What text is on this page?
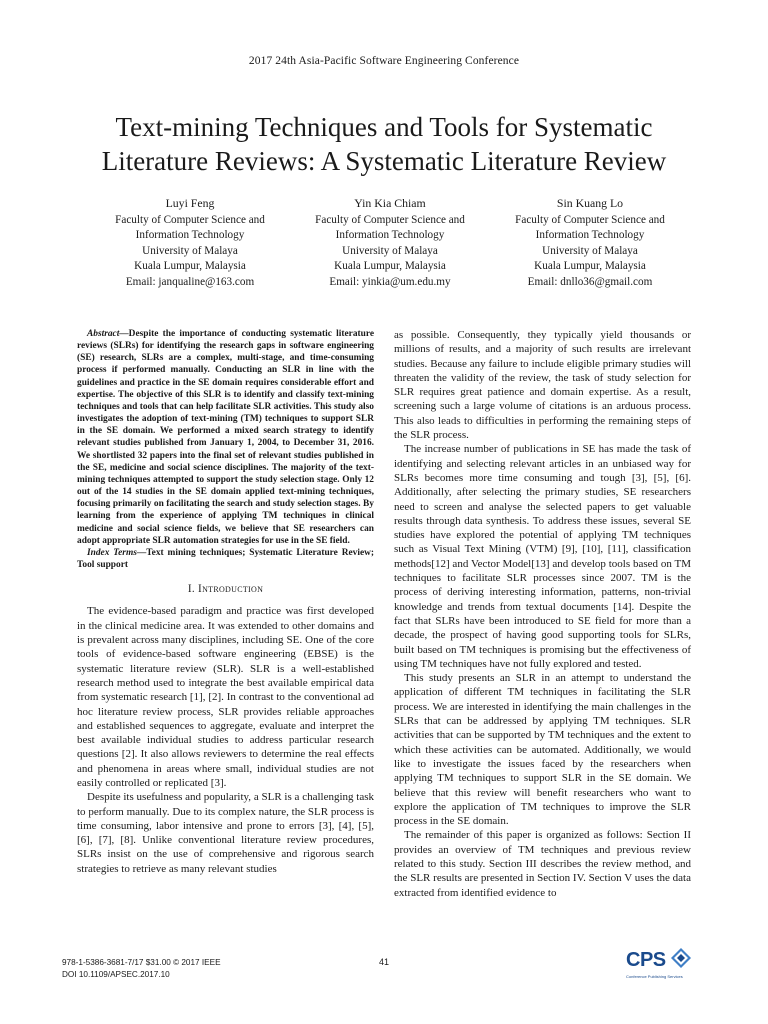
2017 24th Asia-Pacific Software Engineering Conference
Text-mining Techniques and Tools for Systematic
Literature Reviews: A Systematic Literature Review
Luyi Feng
Faculty of Computer Science and
Information Technology
University of Malaya
Kuala Lumpur, Malaysia
Email: janqualine@163.com
Yin Kia Chiam
Faculty of Computer Science and
Information Technology
University of Malaya
Kuala Lumpur, Malaysia
Email: yinkia@um.edu.my
Sin Kuang Lo
Faculty of Computer Science and
Information Technology
University of Malaya
Kuala Lumpur, Malaysia
Email: dnllo36@gmail.com

Abstract—Despite the importance of conducting systematic literature reviews (SLRs) for identifying the research gaps in software engineering (SE) research, SLRs are a complex, multi-stage, and time-consuming process if performed manually. Conducting an SLR in line with the guidelines and practice in the SE domain requires considerable effort and expertise. The objective of this SLR is to identify and classify text-mining techniques and tools that can help facilitate SLR activities. This study also investigates the adoption of text-mining (TM) techniques to support SLR in the SE domain. We performed a mixed search strategy to identify relevant studies published from January 1, 2004, to December 31, 2016. We shortlisted 32 papers into the final set of relevant studies published in the SE, medicine and social science disciplines. The majority of the text-mining techniques attempted to support the study selection stage. Only 12 out of the 14 studies in the SE domain applied text-mining techniques, focusing primarily on facilitating the search and study selection stages. By learning from the experience of applying TM techniques in clinical medicine and social science fields, we believe that SE researchers can adopt appropriate SLR automation strategies for use in the SE field.

Index Terms—Text mining techniques; Systematic Literature Review; Tool support

I. Introduction

The evidence-based paradigm and practice was first developed in the clinical medicine area. It was extended to other domains and is prevalent across many disciplines, including SE. One of the core tools of evidence-based software engineering (EBSE) is the systematic literature review (SLR). SLR is a well-established research method used to integrate the best available empirical data from systematic research [1], [2]. In contrast to the conventional ad hoc literature review process, SLR provides reliable approaches and established sequences to aggregate, evaluate and interpret the best available individual studies to address particular research questions [2]. It also allows reviewers to determine the real effects and phenomena in areas where small, individual studies are not easily controlled or replicated [3].

Despite its usefulness and popularity, a SLR is a challenging task to perform manually. Due to its complex nature, the SLR process is time consuming, labor intensive and prone to errors [3], [4], [5], [6], [7], [8]. Unlike conventional literature review procedures, SLRs insist on the use of comprehensive and rigorous search strategies to retrieve as many relevant studies

as possible. Consequently, they typically yield thousands or millions of results, and a majority of such results are irrelevant studies. Because any failure to include eligible primary studies will threaten the validity of the review, the task of study selection for SLR requires great patience and domain expertise. As a result, screening such a large volume of citations is an arduous process. This also leads to difficulties in performing the remaining steps of the SLR process.

The increase number of publications in SE has made the task of identifying and selecting relevant articles in an unbiased way for SLRs becomes more time consuming and tough [3], [5], [6]. Additionally, after selecting the primary studies, SE researchers need to screen and analyse the selected papers to get valuable results through data synthesis. To address these issues, several SE studies have explored the potential of applying TM techniques such as Visual Text Mining (VTM) [9], [10], [11], classification methods[12] and Vector Model[13] and develop tools based on TM techniques to facilitate SLR processes since 2007. TM is the process of deriving interesting information, patterns, non-trivial knowledge and trends from textual documents [14]. Despite the fact that SLRs have been introduced to SE field for more than a decade, the prospect of having good supporting tools for SLRs, built based on TM techniques is promising but the effectiveness of using TM techniques have not fully explored and tested.

This study presents an SLR in an attempt to understand the application of different TM techniques in facilitating the SLR process. We are interested in identifying the main challenges in the SLRs that can be addressed by applying TM techniques. SLR activities that can be supported by TM techniques and the extent to which these activities can be automated. Additionally, we would like to investigate the issues faced by the researchers when applying TM techniques to support SLR in the SE domain. We believe that this review will benefit researchers who want to explore the application of TM techniques to improve the SLR process in the SE domain.

The remainder of this paper is organized as follows: Section II provides an overview of TM techniques and previous review related to this study. Section III describes the review method, and the SLR results are presented in Section IV. Section V uses the data extracted from identified evidence to

978-1-5386-3681-7/17 $31.00 © 2017 IEEE
DOI 10.1109/APSEC.2017.10
41	CPS
Conference Publishing Services
